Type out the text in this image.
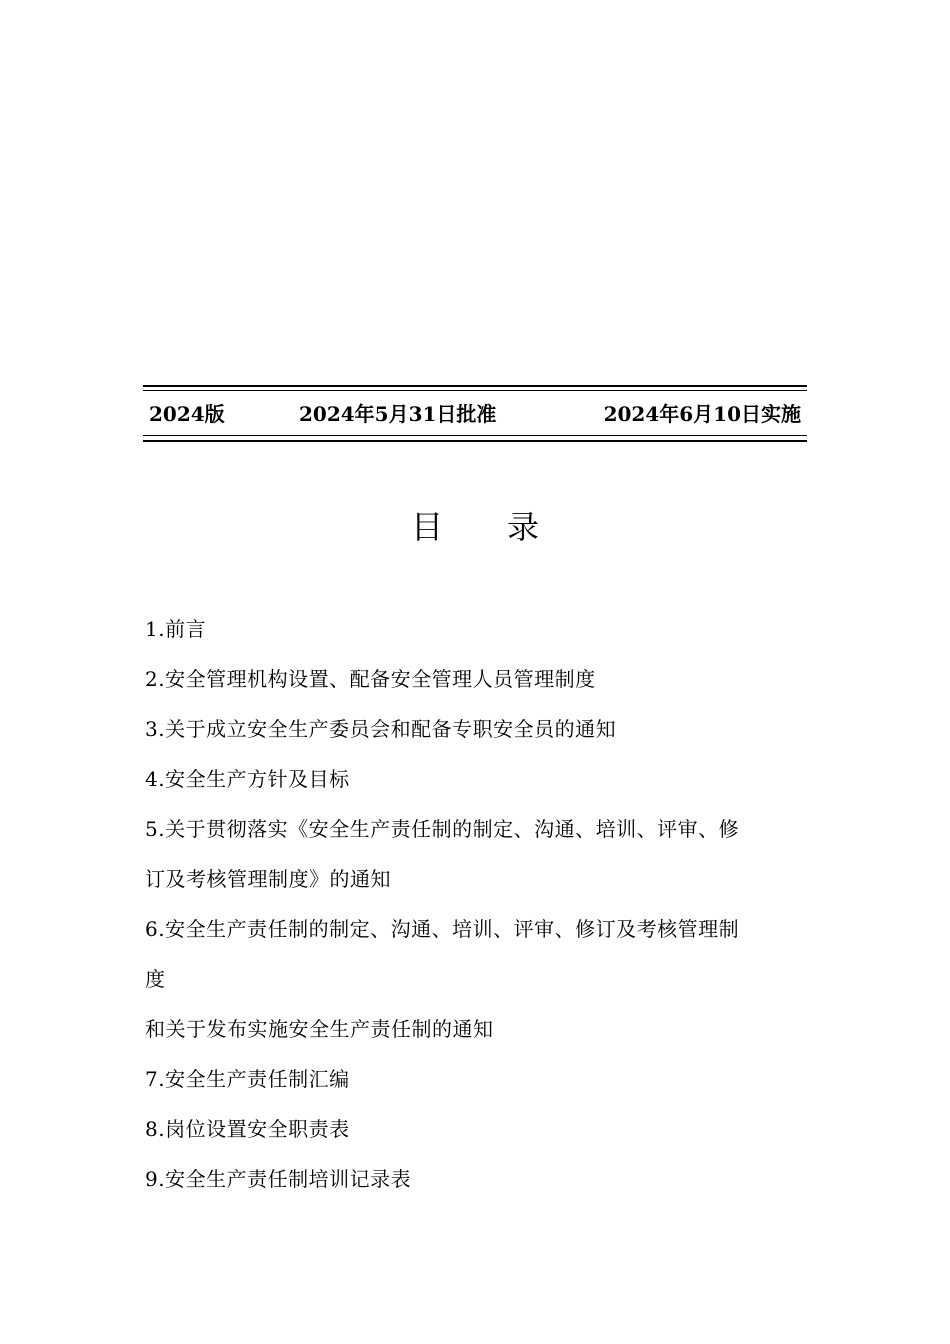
2024版	2024年5月31日批准	2024年6月10日实施
目 录
1.前言
2.安全管理机构设置、配备安全管理人员管理制度
3.关于成立安全生产委员会和配备专职安全员的通知
4.安全生产方针及目标
5.关于贯彻落实《安全生产责任制的制定、沟通、培训、评审、修
订及考核管理制度》的通知
6.安全生产责任制的制定、沟通、培训、评审、修订及考核管理制
度
和关于发布实施安全生产责任制的通知
7.安全生产责任制汇编
8.岗位设置安全职责表
9.安全生产责任制培训记录表
